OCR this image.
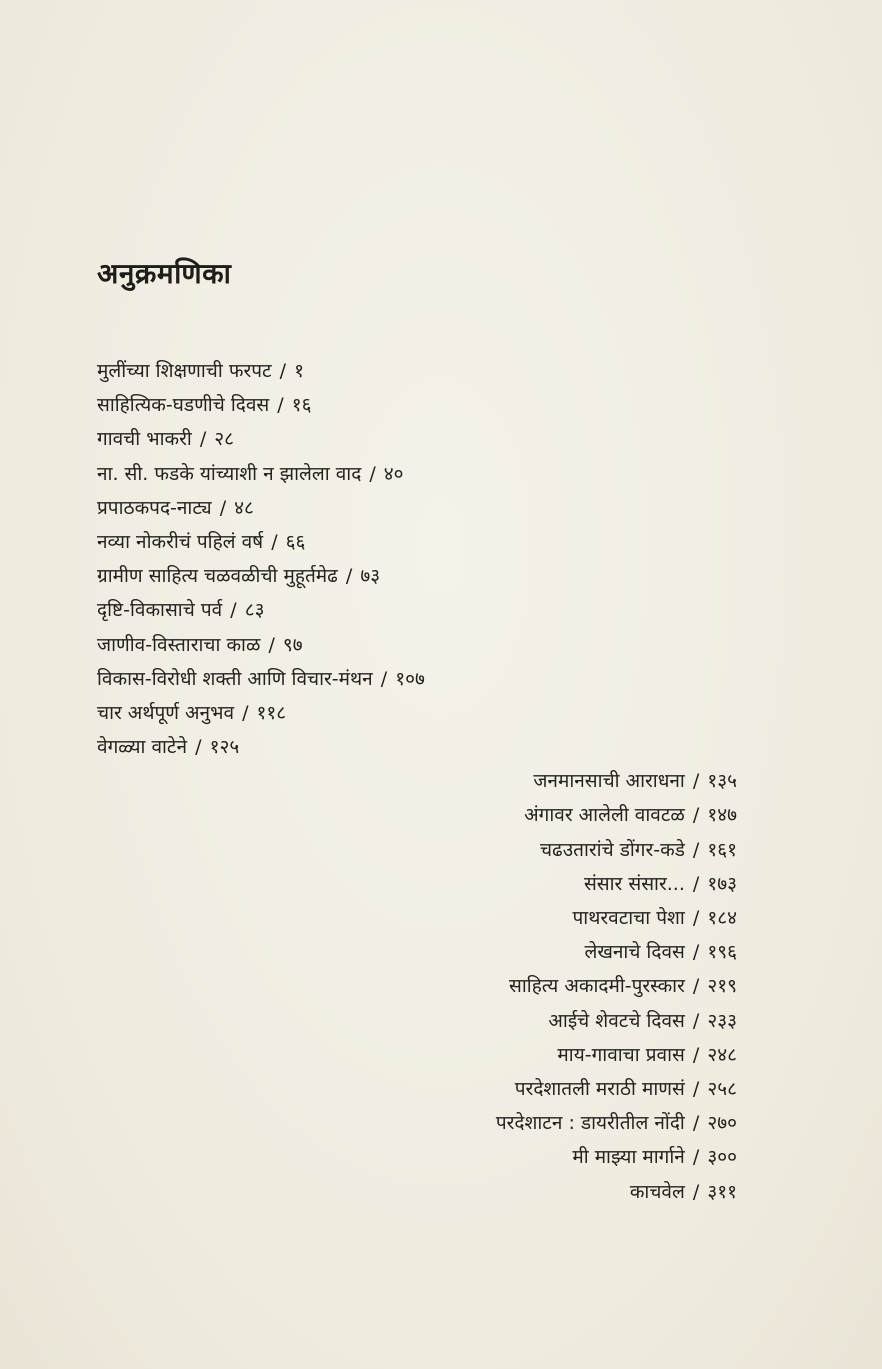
अनुक्रमणिका
मुलींच्या शिक्षणाची फरपट / १
साहित्यिक-घडणीचे दिवस / १६
गावची भाकरी / २८
ना. सी. फडके यांच्याशी न झालेला वाद / ४०
प्रपाठकपद-नाट्य / ४८
नव्या नोकरीचं पहिलं वर्ष / ६६
ग्रामीण साहित्य चळवळीची मुहूर्तमेढ / ७३
दृष्टि-विकासाचे पर्व / ८३
जाणीव-विस्ताराचा काळ / ९७
विकास-विरोधी शक्ती आणि विचार-मंथन / १०७
चार अर्थपूर्ण अनुभव / ११८
वेगळ्या वाटेने / १२५
जनमानसाची आराधना / १३५
अंगावर आलेली वावटळ / १४७
चढउतारांचे डोंगर-कडे / १६१
संसार संसार... / १७३
पाथरवटाचा पेशा / १८४
लेखनाचे दिवस / १९६
साहित्य अकादमी-पुरस्कार / २१९
आईचे शेवटचे दिवस / २३३
माय-गावाचा प्रवास / २४८
परदेशातली मराठी माणसं / २५८
परदेशाटन : डायरीतील नोंदी / २७०
मी माझ्या मार्गाने / ३००
काचवेल / ३११
